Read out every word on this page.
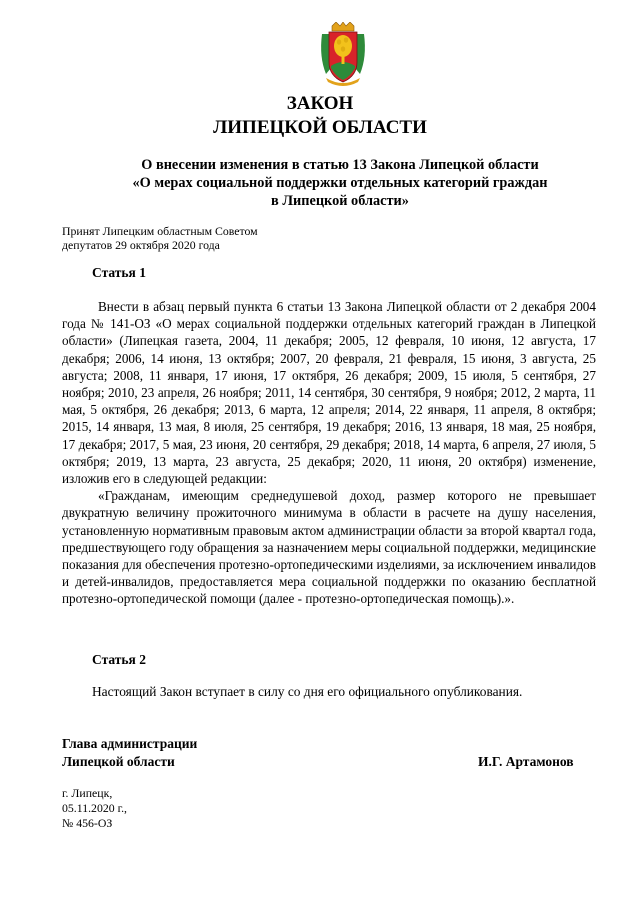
ЗАКОН
ЛИПЕЦКОЙ ОБЛАСТИ
О внесении изменения в статью 13 Закона Липецкой области
«О мерах социальной поддержки отдельных категорий граждан
в Липецкой области»
Принят Липецким областным Советом
депутатов 29 октября 2020 года
Статья 1

Внести в абзац первый пункта 6 статьи 13 Закона Липецкой области от 2 декабря 2004 года № 141-ОЗ «О мерах социальной поддержки отдельных категорий граждан в Липецкой области» (Липецкая газета, 2004, 11 декабря; 2005, 12 февраля, 10 июня, 12 августа, 17 декабря; 2006, 14 июня, 13 октября; 2007, 20 февраля, 21 февраля, 15 июня, 3 августа, 25 августа; 2008, 11 января, 17 июня, 17 октября, 26 декабря; 2009, 15 июля, 5 сентября, 27 ноября; 2010, 23 апреля, 26 ноября; 2011, 14 сентября, 30 сентября, 9 ноября; 2012, 2 марта, 11 мая, 5 октября, 26 декабря; 2013, 6 марта, 12 апреля; 2014, 22 января, 11 апреля, 8 октября; 2015, 14 января, 13 мая, 8 июля, 25 сентября, 19 декабря; 2016, 13 января, 18 мая, 25 ноября, 17 декабря; 2017, 5 мая, 23 июня, 20 сентября, 29 декабря; 2018, 14 марта, 6 апреля, 27 июля, 5 октября; 2019, 13 марта, 23 августа, 25 декабря; 2020, 11 июня, 20 октября) изменение, изложив его в следующей редакции:

«Гражданам, имеющим среднедушевой доход, размер которого не превышает двукратную величину прожиточного минимума в области в расчете на душу населения, установленную нормативным правовым актом администрации области за второй квартал года, предшествующего году обращения за назначением меры социальной поддержки, медицинские показания для обеспечения протезно-ортопедическими изделиями, за исключением инвалидов и детей-инвалидов, предоставляется мера социальной поддержки по оказанию бесплатной протезно-ортопедической помощи (далее - протезно-ортопедическая помощь).».

Статья 2
Настоящий Закон вступает в силу со дня его официального опубликования.
Глава администрации
Липецкой области	И.Г. Артамонов
г. Липецк,
05.11.2020 г.,
№ 456-ОЗ
